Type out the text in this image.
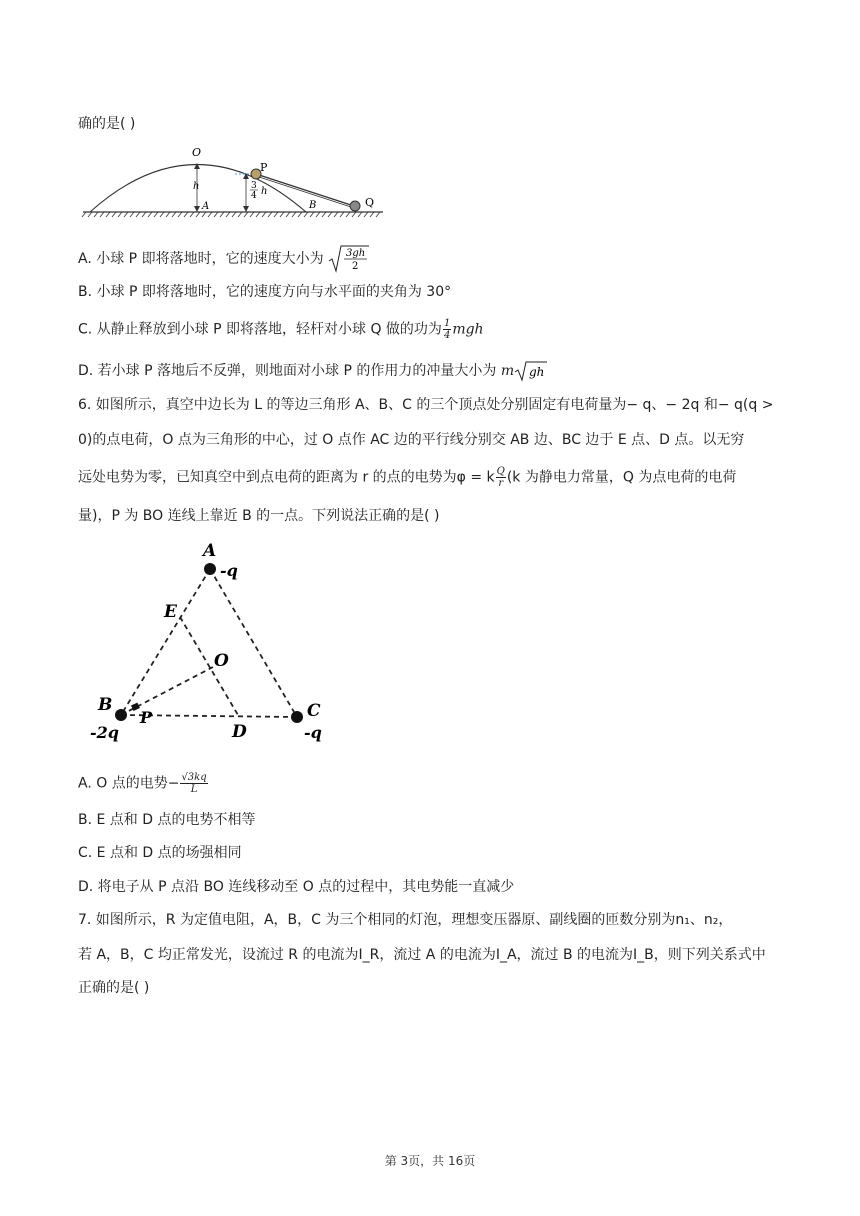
确的是( )
O
h
A
P
3
4 h
B	Q
A. 小球 P 即将落地时，它的速度大小为 3gh
2
B. 小球 P 即将落地时，它的速度方向与水平面的夹角为 30°
C. 从静止释放到小球 P 即将落地，轻杆对小球 Q 做的功为 $\frac{1}{4}$ mgh
D. 若小球 P 落地后不反弹，则地面对小球 P 的作用力的冲量大小为 m gh
6. 如图所示，真空中边长为 L 的等边三角形 A、B、C 的三个顶点处分别固定有电荷量为− q、− 2q 和− q(q >
0)的点电荷，O 点为三角形的中心，过 O 点作 AC 边的平行线分别交 AB 边、BC 边于 E 点、D 点。以无穷
远处电势为零，已知真空中到点电荷的距离为 r 的点的电势为φ = k $\frac{Q}{r} (k$ 为静电力常量，Q 为点电荷的电荷
量)，P 为 BO 连线上靠近 B 的一点。下列说法正确的是( )
A
-q
E
O
B
P
-2q	D
C
-q
A. O 点的电势− $\frac{√3kq}{L}$
B. E 点和 D 点的电势不相等
C. E 点和 D 点的场强相同
D. 将电子从 P 点沿 BO 连线移动至 O 点的过程中，其电势能一直减少
7. 如图所示，R 为定值电阻，A，B，C 为三个相同的灯泡，理想变压器原、副线圈的匝数分别为n₁、n₂，
若 A，B，C 均正常发光，设流过 R 的电流为I_R，流过 A 的电流为I_A，流过 B 的电流为I_B，则下列关系式中
正确的是( )
第 3页，共 16页
